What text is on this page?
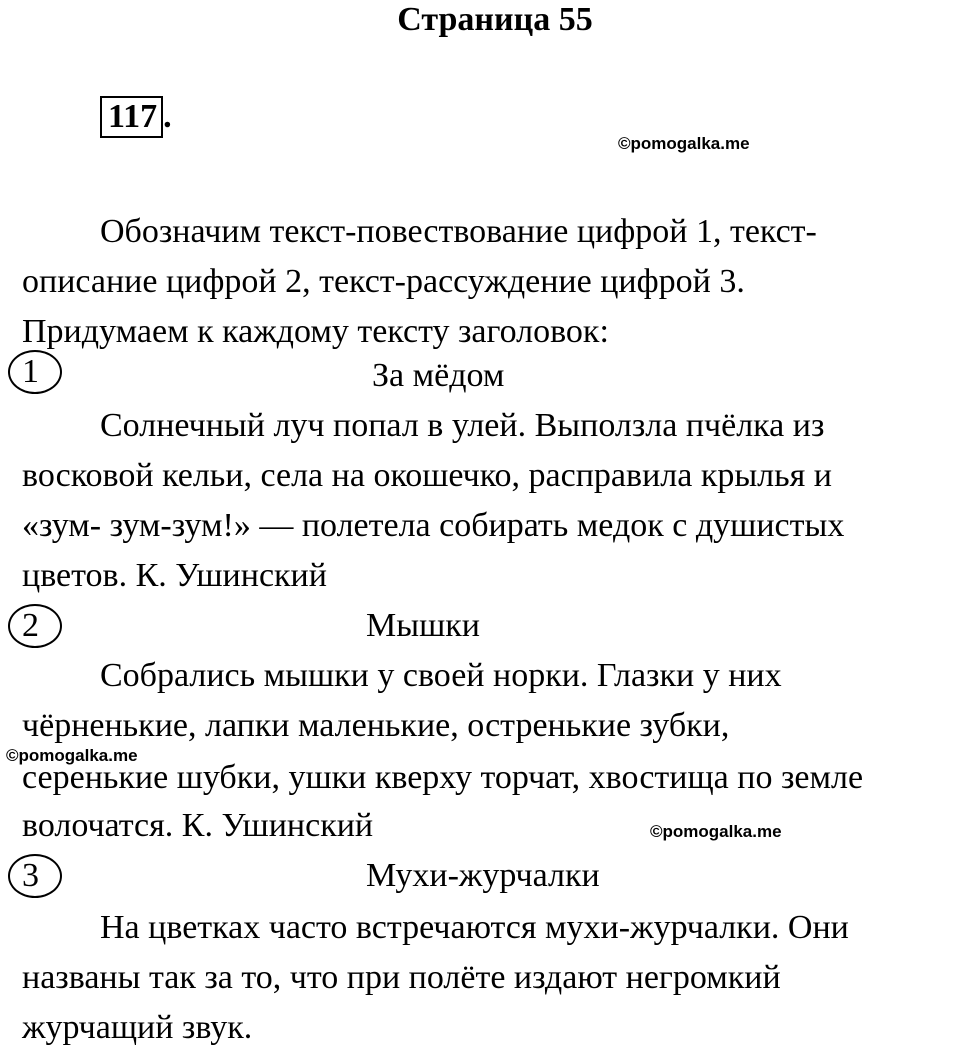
Страница 55
117 .
©pomogalka.me
©pomogalka.me
©pomogalka.me
Обозначим текст-повествование цифрой 1, текст-
описание цифрой 2, текст-рассуждение цифрой 3.
Придумаем к каждому тексту заголовок:
1	За мёдом
Солнечный луч попал в улей. Выползла пчёлка из
восковой кельи, села на окошечко, расправила крылья и
«зум- зум-зум!» — полетела собирать медок с душистых
цветов. К. Ушинский
2	Мышки
Собрались мышки у своей норки. Глазки у них
чёрненькие, лапки маленькие, остренькие зубки,
серенькие шубки, ушки кверху торчат, хвостища по земле
волочатся. К. Ушинский
3	Мухи-журчалки
На цветках часто встречаются мухи-журчалки. Они
названы так за то, что при полёте издают негромкий
журчащий звук.
